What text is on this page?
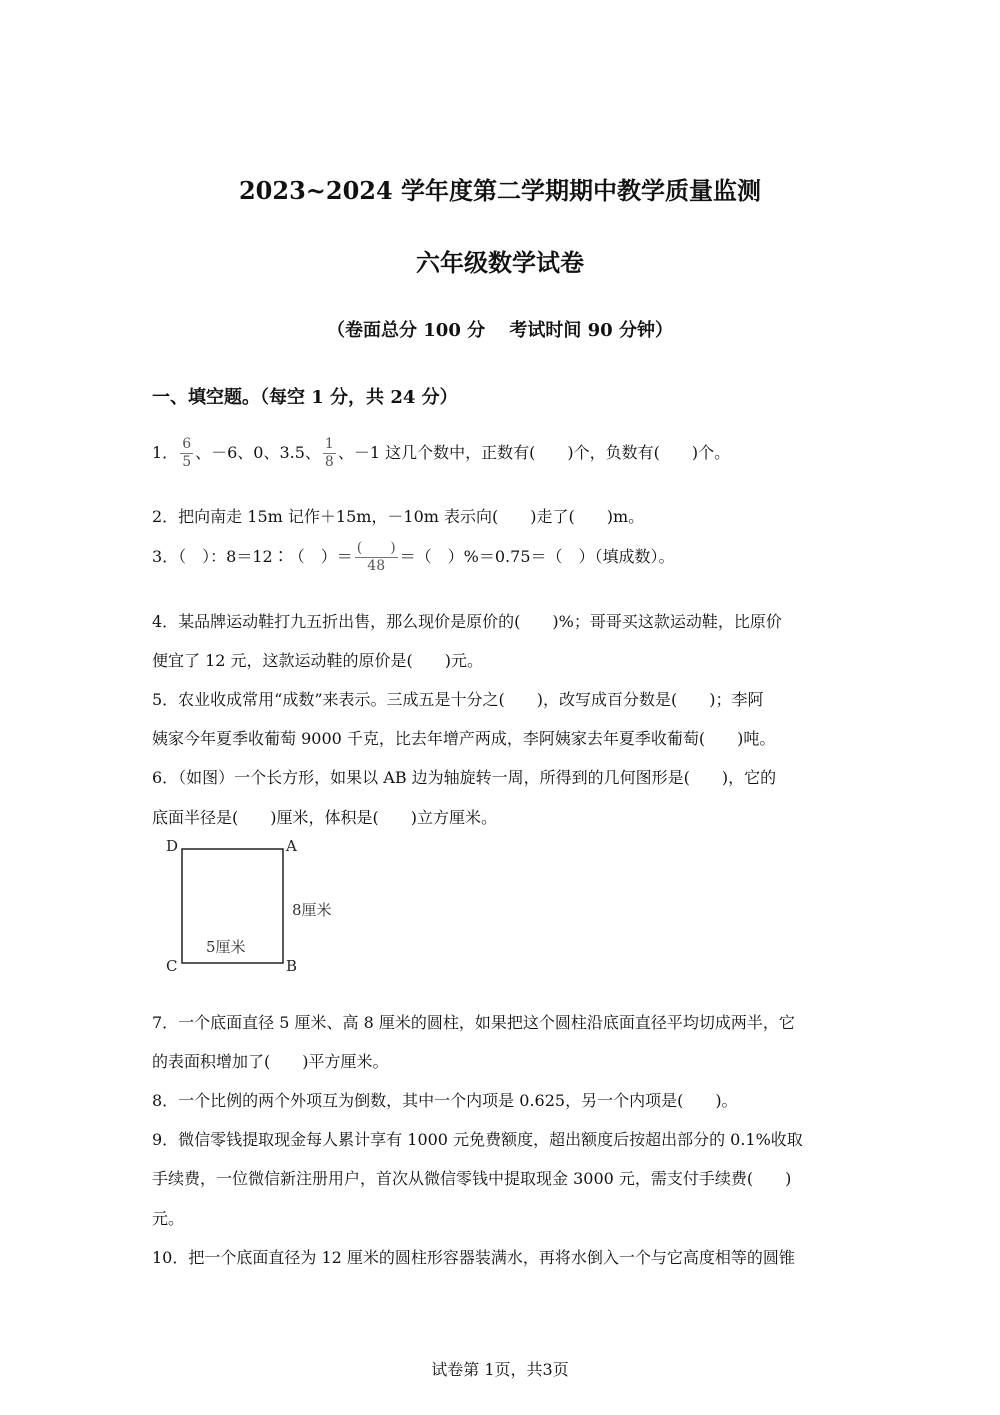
2023~2024 学年度第二学期期中教学质量监测
六年级数学试卷
（卷面总分 100 分　 考试时间 90 分钟）
一、填空题。（每空 1 分，共 24 分）
1． $\frac{6}{5}$ 、－6、0、3.5、 $\frac{1}{8}$ 、－1 这几个数中，正数有(　　)个，负数有(　　)个。
2．把向南走 15m 记作＋15m，－10m 表示向(　　)走了(　　)m。
3．（　）：8＝12∶（　）＝ $\frac{( )}{48}$ ＝（　）%＝0.75＝（　）（填成数）。
4．某品牌运动鞋打九五折出售，那么现价是原价的(　　)%；哥哥买这款运动鞋，比原价
便宜了 12 元，这款运动鞋的原价是(　　)元。
5．农业收成常用“成数”来表示。三成五是十分之(　　)，改写成百分数是(　　)；李阿
姨家今年夏季收葡萄 9000 千克，比去年增产两成，李阿姨家去年夏季收葡萄(　　)吨。
6．（如图）一个长方形，如果以 AB 边为轴旋转一周，所得到的几何图形是(　　)，它的
底面半径是(　　)厘米，体积是(　　)立方厘米。
D	A
C	B
8厘米
5厘米
7．一个底面直径 5 厘米、高 8 厘米的圆柱，如果把这个圆柱沿底面直径平均切成两半，它
的表面积增加了(　　)平方厘米。
8．一个比例的两个外项互为倒数，其中一个内项是 0.625，另一个内项是(　　)。
9．微信零钱提取现金每人累计享有 1000 元免费额度，超出额度后按超出部分的 0.1%收取
手续费，一位微信新注册用户，首次从微信零钱中提取现金 3000 元，需支付手续费(　　)
元。
10．把一个底面直径为 12 厘米的圆柱形容器装满水，再将水倒入一个与它高度相等的圆锥
试卷第 1页，共3页
